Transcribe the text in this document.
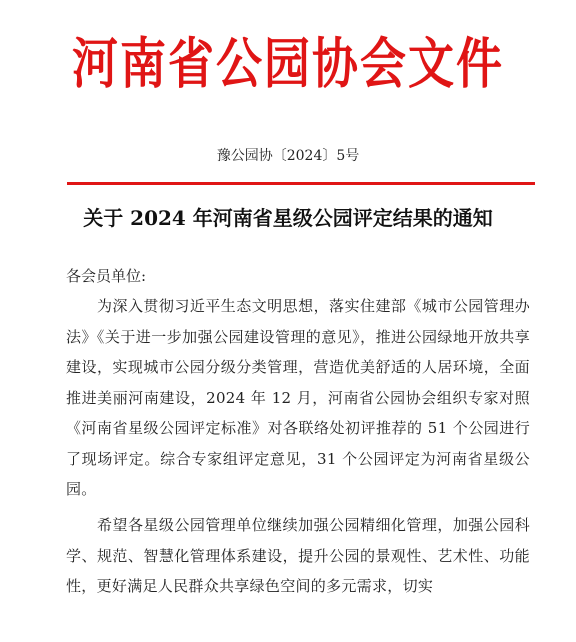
河南省公园协会文件
豫公园协〔2024〕5号
关于 2024 年河南省星级公园评定结果的通知
各会员单位:

为深入贯彻习近平生态文明思想，落实住建部《城市公园管理办法》《关于进一步加强公园建设管理的意见》，推进公园绿地开放共享建设，实现城市公园分级分类管理，营造优美舒适的人居环境，全面推进美丽河南建设，2024 年 12 月，河南省公园协会组织专家对照《河南省星级公园评定标准》对各联络处初评推荐的 51 个公园进行了现场评定。综合专家组评定意见，31 个公园评定为河南省星级公园。

希望各星级公园管理单位继续加强公园精细化管理，加强公园科学、规范、智慧化管理体系建设，提升公园的景观性、艺术性、功能性，更好满足人民群众共享绿色空间的多元需求，切实
